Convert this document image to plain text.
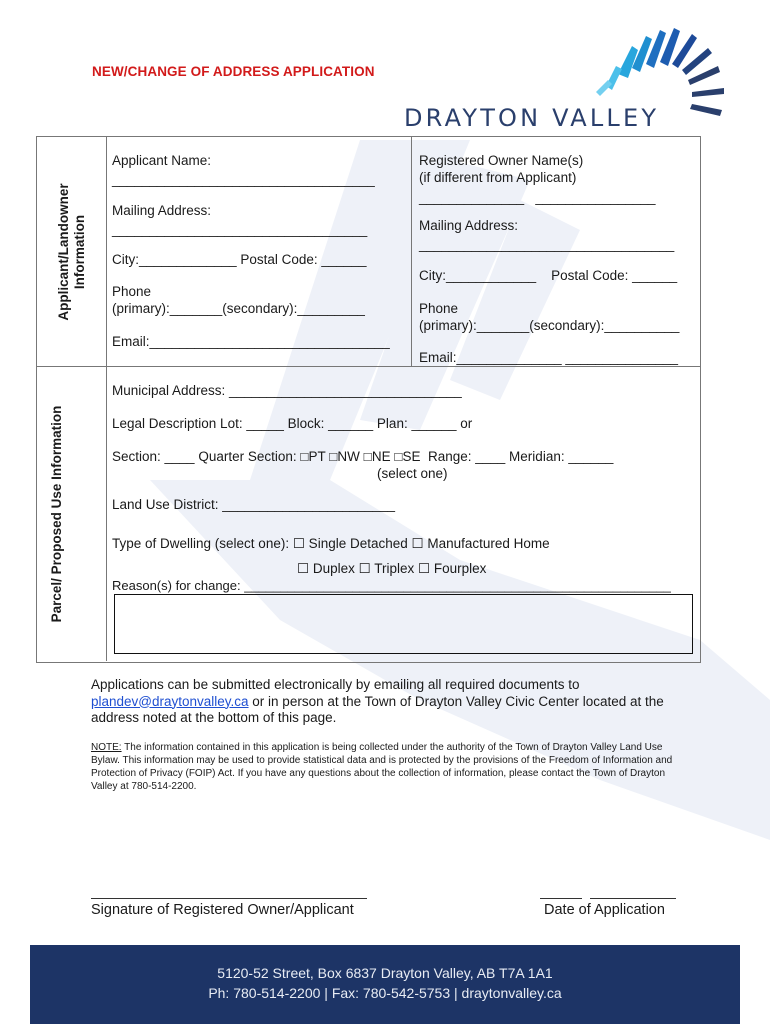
NEW/CHANGE OF ADDRESS APPLICATION
DRAYTON VALLEY
Applicant/Landowner Information
Parcel/ Proposed Use Information
Applicant Name:
___________________________________
Mailing Address:
__________________________________
City:_____________ Postal Code: ______
Phone
(primary):_______(secondary):_________
Email:________________________________
Registered Owner Name(s)
(if different from Applicant)
______________   ________________
Mailing Address:
__________________________________
City:____________    Postal Code: ______
Phone
(primary):_______(secondary):__________
Email:______________ _______________
Municipal Address: _______________________________
Legal Description Lot: _____ Block: ______ Plan: ______ or
Section: ____ Quarter Section: □PT □NW □NE □SE  Range: ____ Meridian: ______
(select one)
Land Use District: _______________________
Type of Dwelling (select one): ☐ Single Detached ☐ Manufactured Home
☐ Duplex ☐ Triplex ☐ Fourplex
Reason(s) for change: ___________________________________________________________
Applications can be submitted electronically by emailing all required documents to
plandev@draytonvalley.ca or in person at the Town of Drayton Valley Civic Center located at the address noted at the bottom of this page.
NOTE: The information contained in this application is being collected under the authority of the Town of Drayton Valley Land Use Bylaw. This information may be used to provide statistical data and is protected by the provisions of the Freedom of Information and Protection of Privacy (FOIP) Act. If you have any questions about the collection of information, please contact the Town of Drayton Valley at 780-514-2200.
Signature of Registered Owner/Applicant	Date of Application
5120-52 Street, Box 6837 Drayton Valley, AB T7A 1A1
Ph: 780-514-2200 | Fax: 780-542-5753 | draytonvalley.ca
